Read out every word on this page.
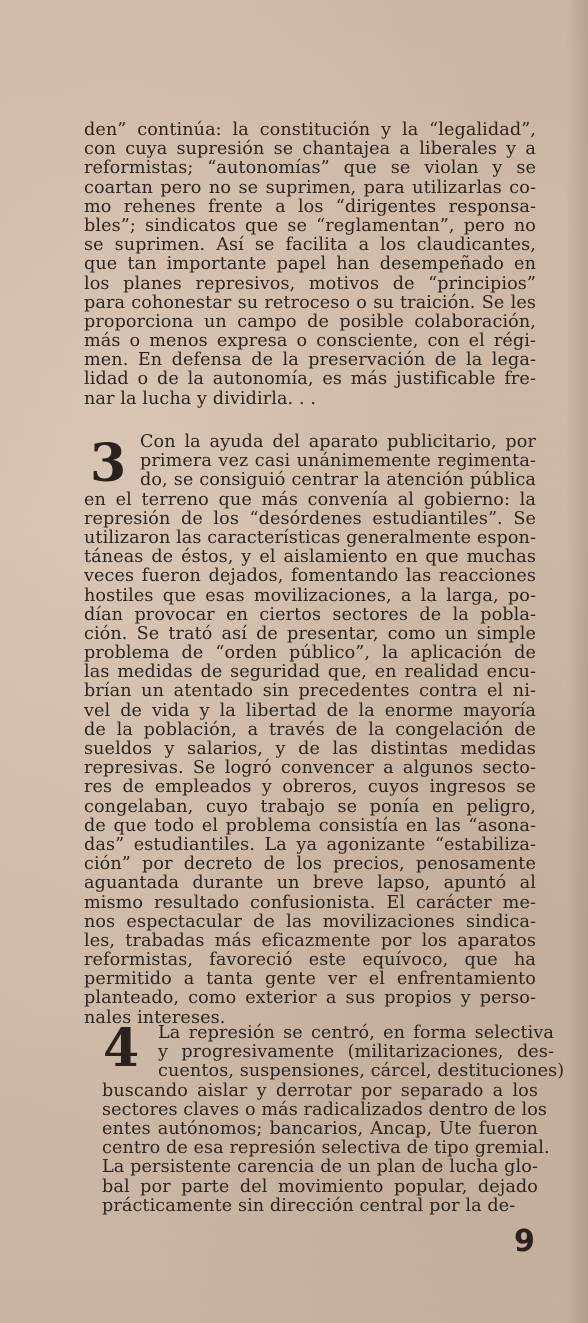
den” continúa: la constitución y la “legalidad”,
con cuya supresión se chantajea a liberales y a
reformistas; “autonomías” que se violan y se
coartan pero no se suprimen, para utilizarlas co-
mo rehenes frente a los “dirigentes responsa-
bles”; sindicatos que se “reglamentan”, pero no
se suprimen. Así se facilita a los claudicantes,
que tan importante papel han desempeñado en
los planes represivos, motivos de “principios”
para cohonestar su retroceso o su traición. Se les
proporciona un campo de posible colaboración,
más o menos expresa o consciente, con el régi-
men. En defensa de la preservación de la lega-
lidad o de la autonomía, es más justificable fre-
nar la lucha y dividirla. . .
3 Con la ayuda del aparato publicitario, por
primera vez casi unánimemente regimenta-
do, se consiguió centrar la atención pública
en el terreno que más convenía al gobierno: la
represión de los “desórdenes estudiantiles”. Se
utilizaron las características generalmente espon-
táneas de éstos, y el aislamiento en que muchas
veces fueron dejados, fomentando las reacciones
hostiles que esas movilizaciones, a la larga, po-
dían provocar en ciertos sectores de la pobla-
ción. Se trató así de presentar, como un simple
problema de “orden público”, la aplicación de
las medidas de seguridad que, en realidad encu-
brían un atentado sin precedentes contra el ni-
vel de vida y la libertad de la enorme mayoría
de la población, a través de la congelación de
sueldos y salarios, y de las distintas medidas
represivas. Se logró convencer a algunos secto-
res de empleados y obreros, cuyos ingresos se
congelaban, cuyo trabajo se ponía en peligro,
de que todo el problema consistía en las “asona-
das” estudiantiles. La ya agonizante “estabiliza-
ción” por decreto de los precios, penosamente
aguantada durante un breve lapso, apuntó al
mismo resultado confusionista. El carácter me-
nos espectacular de las movilizaciones sindica-
les, trabadas más eficazmente por los aparatos
reformistas, favoreció este equívoco, que ha
permitido a tanta gente ver el enfrentamiento
planteado, como exterior a sus propios y perso-
nales intereses.
4 La represión se centró, en forma selectiva
y progresivamente (militarizaciones, des-
cuentos, suspensiones, cárcel, destituciones)
buscando aislar y derrotar por separado a los
sectores claves o más radicalizados dentro de los
entes autónomos; bancarios, Ancap, Ute fueron
centro de esa represión selectiva de tipo gremial.
La persistente carencia de un plan de lucha glo-
bal por parte del movimiento popular, dejado
prácticamente sin dirección central por la de-
9
